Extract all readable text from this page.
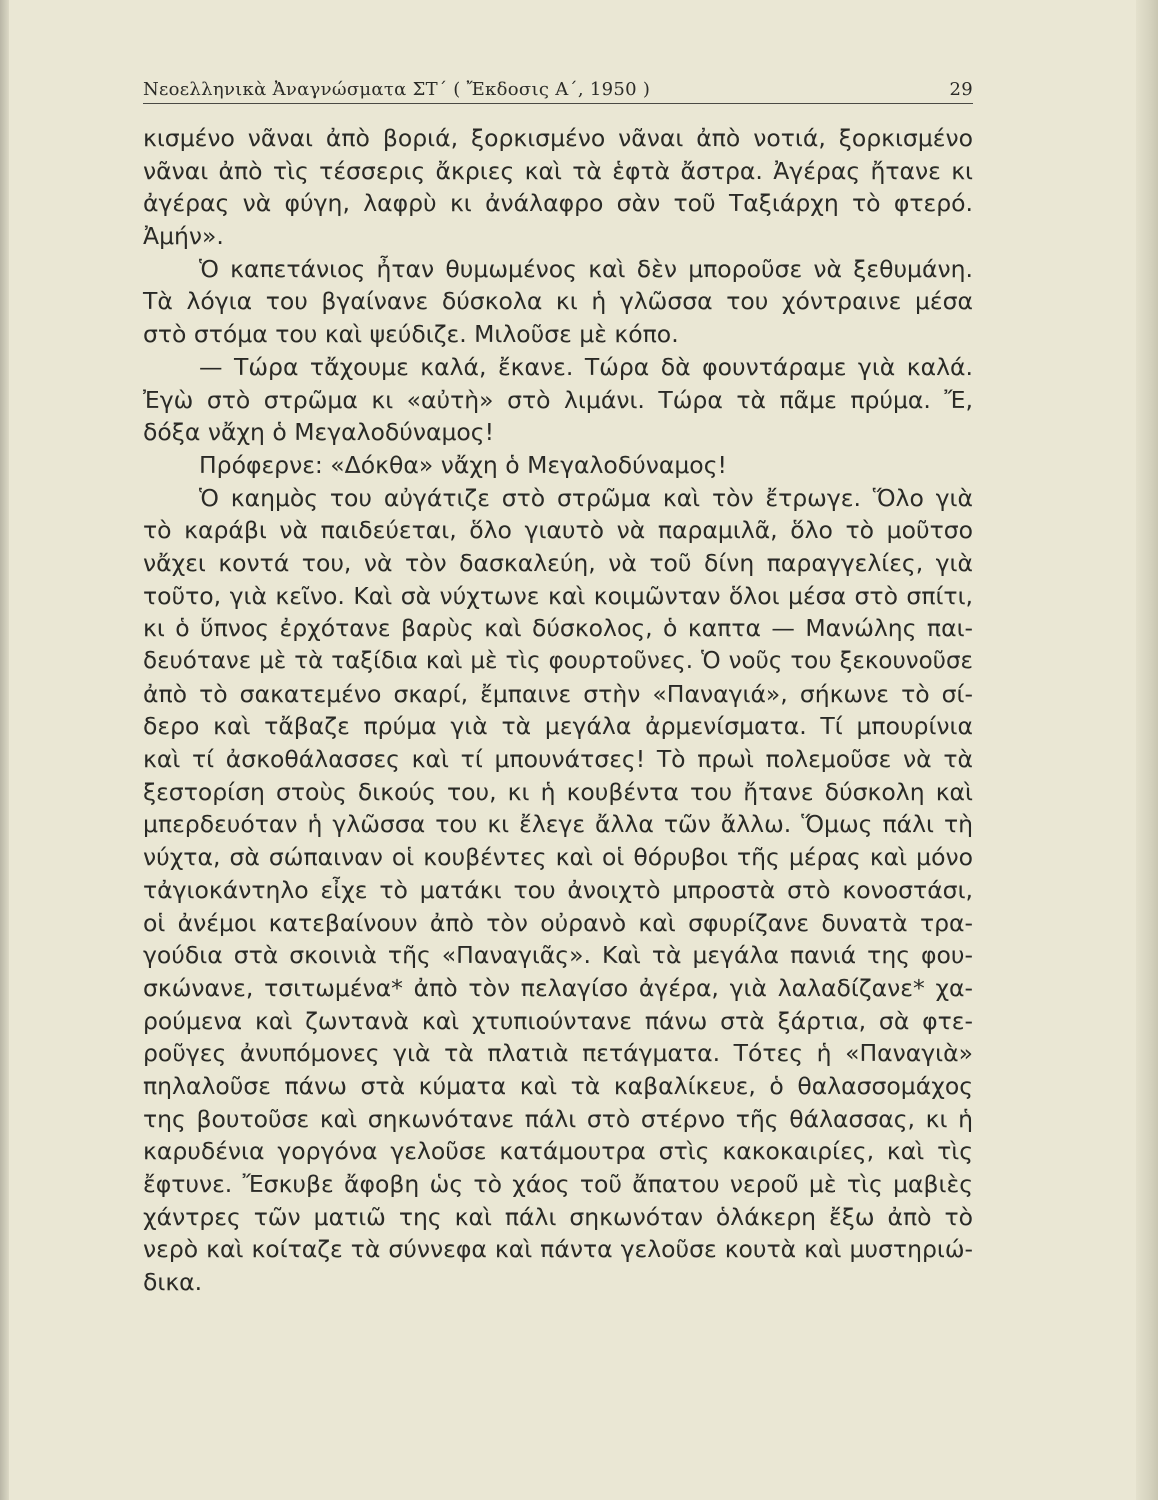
Νεοελληνικὰ Ἀναγνώσματα ΣΤ΄ ( Ἔκδοσις Α΄, 1950 )	29
κισμένο νᾶναι ἀπὸ βοριά, ξορκισμένο νᾶναι ἀπὸ νοτιά, ξορκισμένο
νᾶναι ἀπὸ τὶς τέσσερις ἄκριες καὶ τὰ ἑφτὰ ἄστρα. Ἀγέρας ἤτανε κι
ἀγέρας νὰ φύγη, λαφρὺ κι ἀνάλαφρο σὰν τοῦ Ταξιάρχη τὸ φτερό.
Ἀμήν».
Ὁ καπετάνιος ἦταν θυμωμένος καὶ δὲν μποροῦσε νὰ ξεθυμάνη.
Τὰ λόγια του βγαίνανε δύσκολα κι ἡ γλῶσσα του χόντραινε μέσα
στὸ στόμα του καὶ ψεύδιζε. Μιλοῦσε μὲ κόπο.
— Τώρα τἄχουμε καλά, ἔκανε. Τώρα δὰ φουντάραμε γιὰ καλά.
Ἐγὼ στὸ στρῶμα κι «αὐτὴ» στὸ λιμάνι. Τώρα τὰ πᾶμε πρύμα. Ἔ,
δόξα νἄχη ὁ Μεγαλοδύναμος!
Πρόφερνε: «Δόκθα» νἄχη ὁ Μεγαλοδύναμος!
Ὁ καημὸς του αὐγάτιζε στὸ στρῶμα καὶ τὸν ἔτρωγε. Ὅλο γιὰ
τὸ καράβι νὰ παιδεύεται, ὅλο γιαυτὸ νὰ παραμιλᾶ, ὅλο τὸ μοῦτσο
νἄχει κοντά του, νὰ τὸν δασκαλεύη, νὰ τοῦ δίνη παραγγελίες, γιὰ
τοῦτο, γιὰ κεῖνο. Καὶ σὰ νύχτωνε καὶ κοιμῶνταν ὅλοι μέσα στὸ σπίτι,
κι ὁ ὕπνος ἐρχότανε βαρὺς καὶ δύσκολος, ὁ καπτα — Μανώλης παι-
δευότανε μὲ τὰ ταξίδια καὶ μὲ τὶς φουρτοῦνες. Ὁ νοῦς του ξεκουνοῦσε
ἀπὸ τὸ σακατεμένο σκαρί, ἔμπαινε στὴν «Παναγιά», σήκωνε τὸ σί-
δερο καὶ τἄβαζε πρύμα γιὰ τὰ μεγάλα ἀρμενίσματα. Τί μπουρίνια
καὶ τί ἀσκοθάλασσες καὶ τί μπουνάτσες! Τὸ πρωὶ πολεμοῦσε νὰ τὰ
ξεστορίση στοὺς δικούς του, κι ἡ κουβέντα του ἤτανε δύσκολη καὶ
μπερδευόταν ἡ γλῶσσα του κι ἔλεγε ἄλλα τῶν ἄλλω. Ὅμως πάλι τὴ
νύχτα, σὰ σώπαιναν οἱ κουβέντες καὶ οἱ θόρυβοι τῆς μέρας καὶ μόνο
τἀγιοκάντηλο εἶχε τὸ ματάκι του ἀνοιχτὸ μπροστὰ στὸ κονοστάσι,
οἱ ἀνέμοι κατεβαίνουν ἀπὸ τὸν οὐρανὸ καὶ σφυρίζανε δυνατὰ τρα-
γούδια στὰ σκοινιὰ τῆς «Παναγιᾶς». Καὶ τὰ μεγάλα πανιά της φου-
σκώνανε, τσιτωμένα* ἀπὸ τὸν πελαγίσο ἀγέρα, γιὰ λαλαδίζανε* χα-
ρούμενα καὶ ζωντανὰ καὶ χτυπιούντανε πάνω στὰ ξάρτια, σὰ φτε-
ροῦγες ἀνυπόμονες γιὰ τὰ πλατιὰ πετάγματα. Τότες ἡ «Παναγιὰ»
πηλαλοῦσε πάνω στὰ κύματα καὶ τὰ καβαλίκευε, ὁ θαλασσομάχος
της βουτοῦσε καὶ σηκωνότανε πάλι στὸ στέρνο τῆς θάλασσας, κι ἡ
καρυδένια γοργόνα γελοῦσε κατάμουτρα στὶς κακοκαιρίες, καὶ τὶς
ἔφτυνε. Ἔσκυβε ἄφοβη ὡς τὸ χάος τοῦ ἄπατου νεροῦ μὲ τὶς μαβιὲς
χάντρες τῶν ματιῶ της καὶ πάλι σηκωνόταν ὁλάκερη ἔξω ἀπὸ τὸ
νερὸ καὶ κοίταζε τὰ σύννεφα καὶ πάντα γελοῦσε κουτὰ καὶ μυστηριώ-
δικα.
